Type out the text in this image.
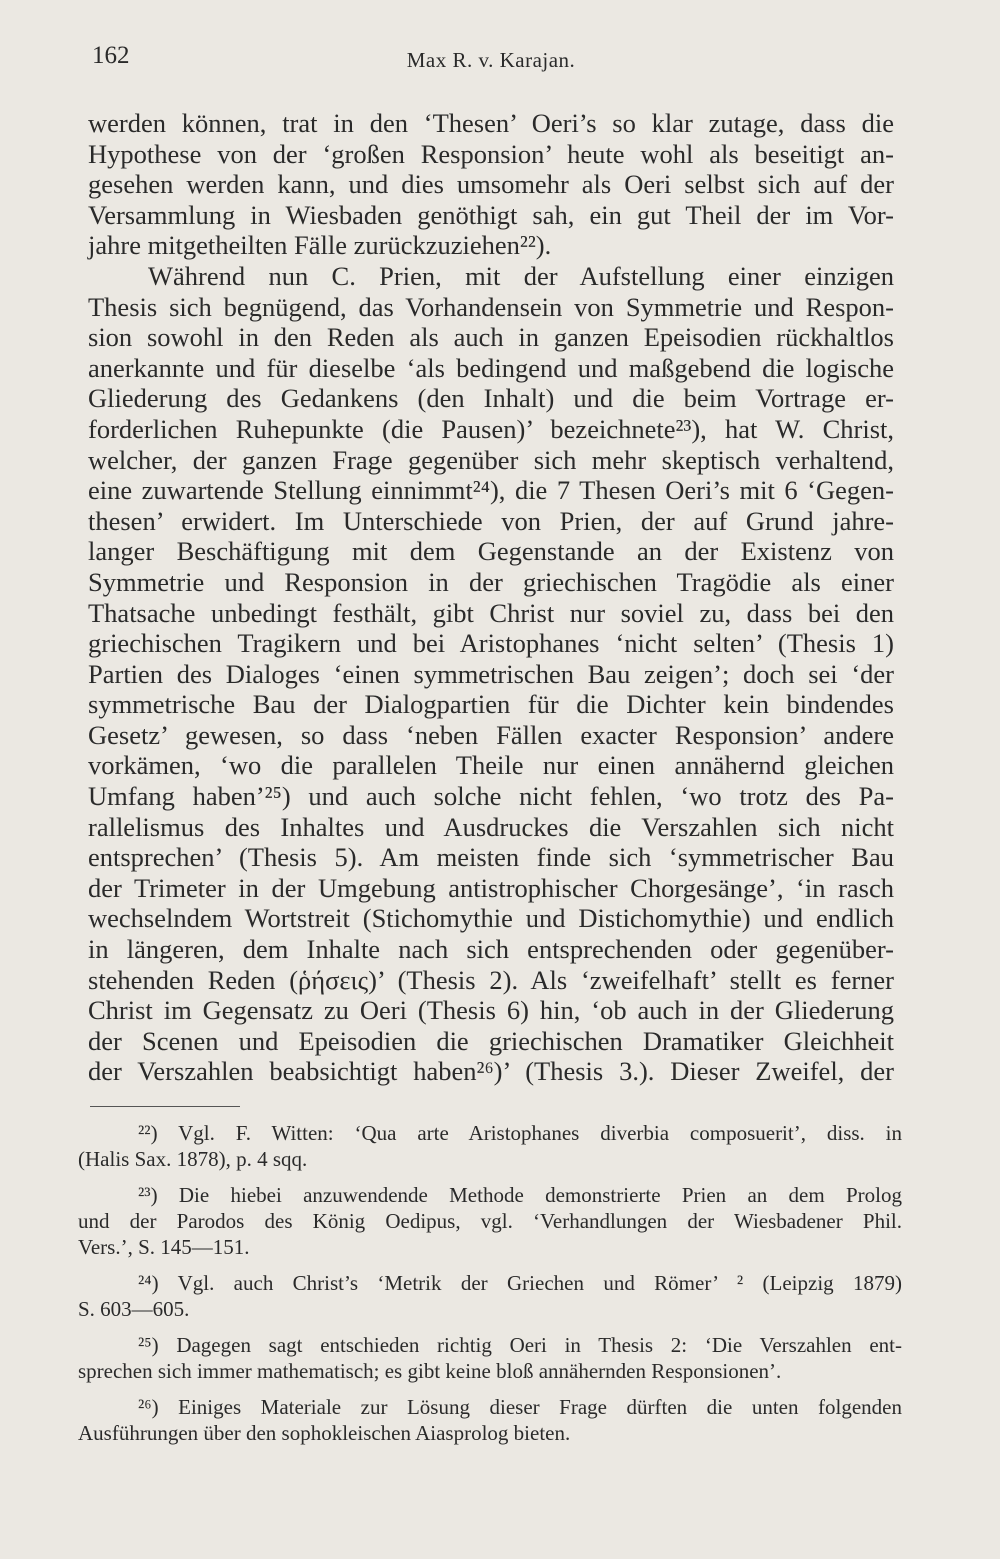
162	Max R. v. Karajan.
werden können, trat in den ‘Thesen’ Oeri’s so klar zutage, dass die
Hypothese von der ‘großen Responsion’ heute wohl als beseitigt an-
gesehen werden kann, und dies umsomehr als Oeri selbst sich auf der
Versammlung in Wiesbaden genöthigt sah, ein gut Theil der im Vor-
jahre mitgetheilten Fälle zurückzuziehen²²).
Während nun C. Prien, mit der Aufstellung einer einzigen
Thesis sich begnügend, das Vorhandensein von Symmetrie und Respon-
sion sowohl in den Reden als auch in ganzen Epeisodien rückhaltlos
anerkannte und für dieselbe ‘als bedingend und maßgebend die logische
Gliederung des Gedankens (den Inhalt) und die beim Vortrage er-
forderlichen Ruhepunkte (die Pausen)’ bezeichnete²³), hat W. Christ,
welcher, der ganzen Frage gegenüber sich mehr skeptisch verhaltend,
eine zuwartende Stellung einnimmt²⁴), die 7 Thesen Oeri’s mit 6 ‘Gegen-
thesen’ erwidert. Im Unterschiede von Prien, der auf Grund jahre-
langer Beschäftigung mit dem Gegenstande an der Existenz von
Symmetrie und Responsion in der griechischen Tragödie als einer
Thatsache unbedingt festhält, gibt Christ nur soviel zu, dass bei den
griechischen Tragikern und bei Aristophanes ‘nicht selten’ (Thesis 1)
Partien des Dialoges ‘einen symmetrischen Bau zeigen’; doch sei ‘der
symmetrische Bau der Dialogpartien für die Dichter kein bindendes
Gesetz’ gewesen, so dass ‘neben Fällen exacter Responsion’ andere
vorkämen, ‘wo die parallelen Theile nur einen annähernd gleichen
Umfang haben’²⁵) und auch solche nicht fehlen, ‘wo trotz des Pa-
rallelismus des Inhaltes und Ausdruckes die Verszahlen sich nicht
entsprechen’ (Thesis 5). Am meisten finde sich ‘symmetrischer Bau
der Trimeter in der Umgebung antistrophischer Chorgesänge’, ‘in rasch
wechselndem Wortstreit (Stichomythie und Distichomythie) und endlich
in längeren, dem Inhalte nach sich entsprechenden oder gegenüber-
stehenden Reden (ῥήσεις)’ (Thesis 2). Als ‘zweifelhaft’ stellt es ferner
Christ im Gegensatz zu Oeri (Thesis 6) hin, ‘ob auch in der Gliederung
der Scenen und Epeisodien die griechischen Dramatiker Gleichheit
der Verszahlen beabsichtigt haben²⁶)’ (Thesis 3.). Dieser Zweifel, der
²²) Vgl. F. Witten: ‘Qua arte Aristophanes diverbia composuerit’, diss. in
(Halis Sax. 1878), p. 4 sqq.
²³) Die hiebei anzuwendende Methode demonstrierte Prien an dem Prolog
und der Parodos des König Oedipus, vgl. ‘Verhandlungen der Wiesbadener Phil.
Vers.’, S. 145—151.
²⁴) Vgl. auch Christ’s ‘Metrik der Griechen und Römer’ ² (Leipzig 1879)
S. 603—605.
²⁵) Dagegen sagt entschieden richtig Oeri in Thesis 2: ‘Die Verszahlen ent-
sprechen sich immer mathematisch; es gibt keine bloß annähernden Responsionen’.
²⁶) Einiges Materiale zur Lösung dieser Frage dürften die unten folgenden
Ausführungen über den sophokleischen Aiasprolog bieten.
